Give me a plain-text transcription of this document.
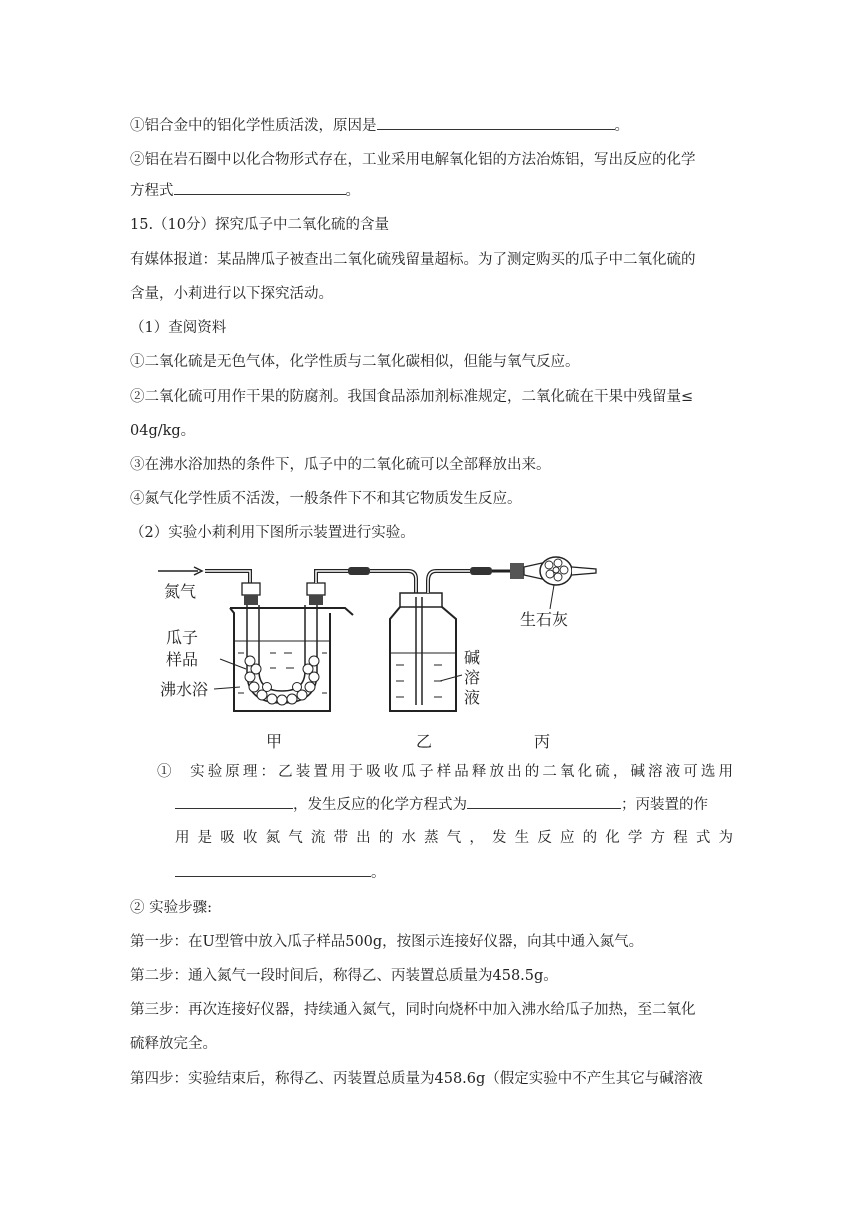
①铝合金中的铝化学性质活泼，原因是	。
②铝在岩石圈中以化合物形式存在，工业采用电解氧化铝的方法冶炼铝，写出反应的化学
方程式	。
15.（10分）探究瓜子中二氧化硫的含量
有媒体报道：某品牌瓜子被查出二氧化硫残留量超标。为了测定购买的瓜子中二氧化硫的
含量，小莉进行以下探究活动。
（1）查阅资料
①二氧化硫是无色气体，化学性质与二氧化碳相似，但能与氧气反应。
②二氧化硫可用作干果的防腐剂。我国食品添加剂标准规定，二氧化硫在干果中残留量≤
04g/kg。
③在沸水浴加热的条件下，瓜子中的二氧化硫可以全部释放出来。
④氮气化学性质不活泼，一般条件下不和其它物质发生反应。
（2）实验小莉利用下图所示装置进行实验。
氮气
瓜子
样品
沸水浴
碱
溶
液
生石灰
甲	乙	丙
① 实验原理：乙装置用于吸收瓜子样品释放出的二氧化硫，碱溶液可选用
，发生反应的化学方程式为	；丙装置的作
用是吸收氮气流带出的水蒸气，发生反应的化学方程式为
。
② 实验步骤:
第一步：在U型管中放入瓜子样品500g，按图示连接好仪器，向其中通入氮气。
第二步：通入氮气一段时间后，称得乙、丙装置总质量为458.5g。
第三步：再次连接好仪器，持续通入氮气，同时向烧杯中加入沸水给瓜子加热，至二氧化
硫释放完全。
第四步：实验结束后，称得乙、丙装置总质量为458.6g（假定实验中不产生其它与碱溶液
